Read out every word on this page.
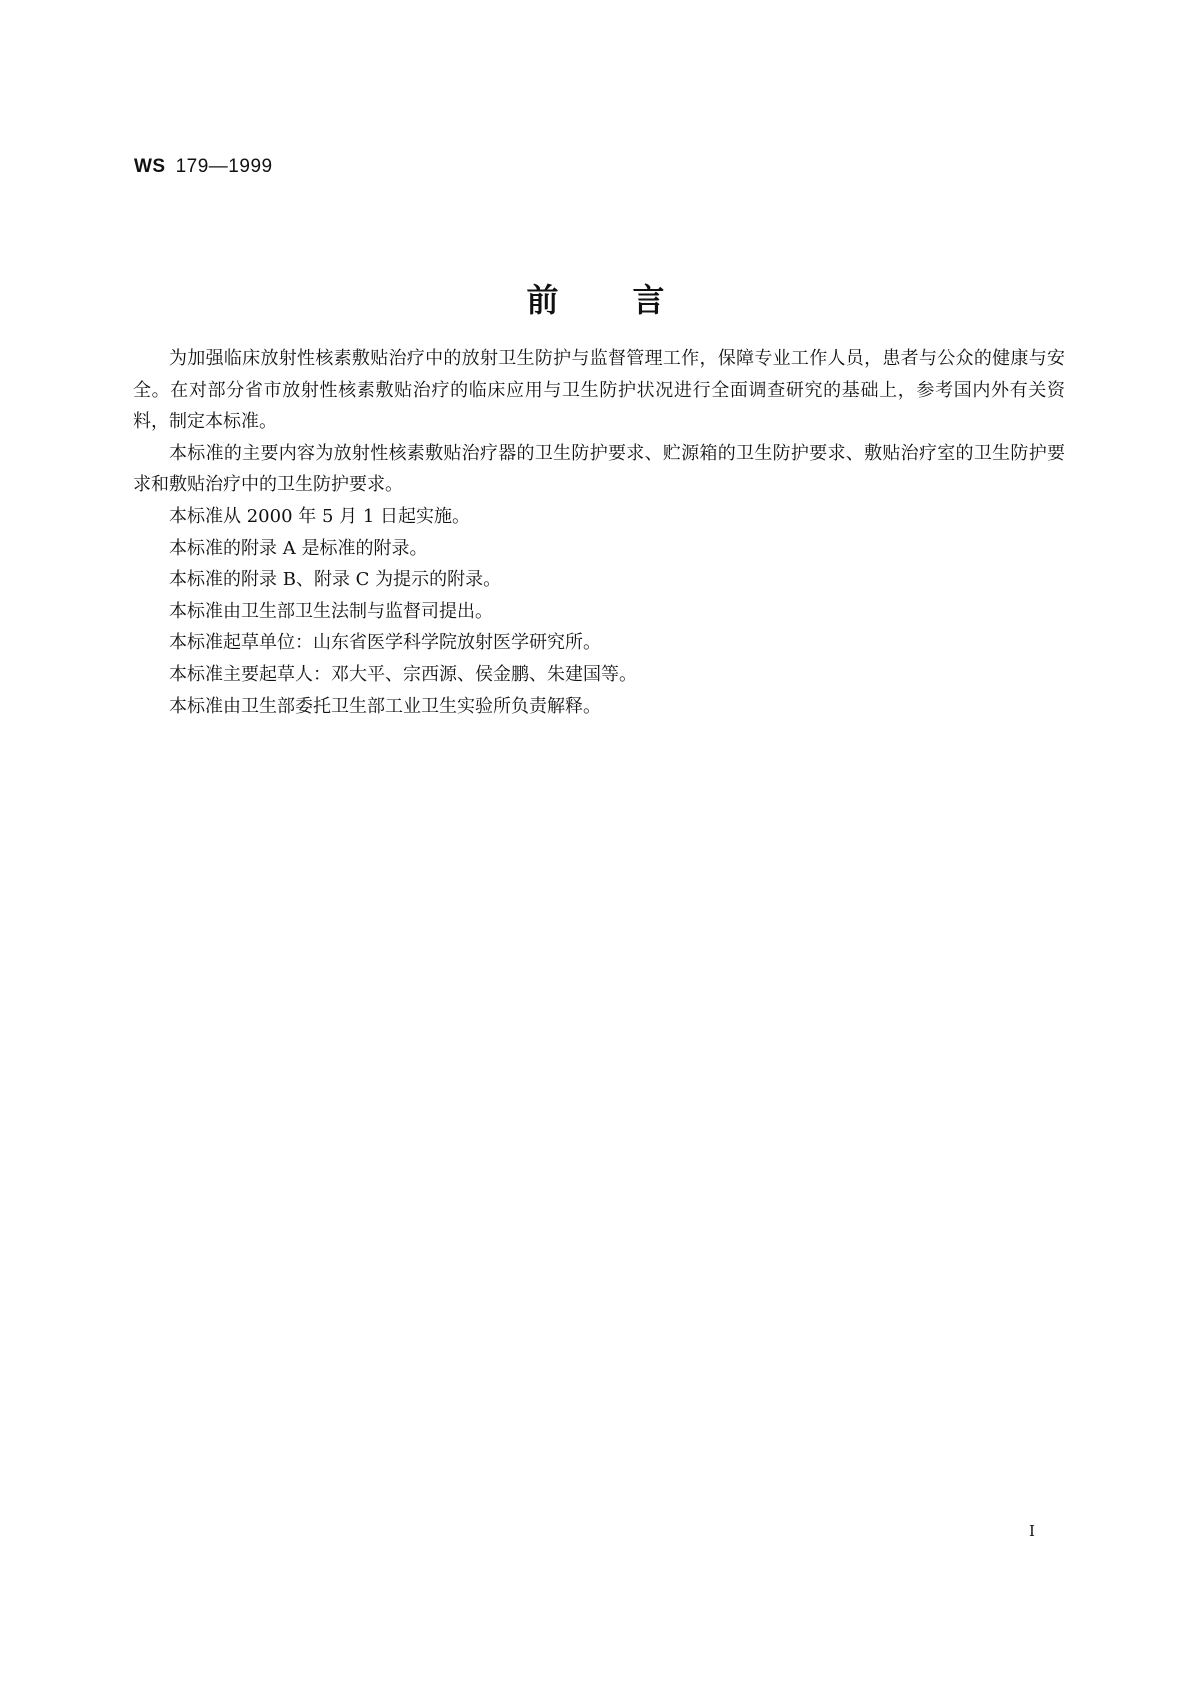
WS 179—1999
前言

为加强临床放射性核素敷贴治疗中的放射卫生防护与监督管理工作，保障专业工作人员，患者与公众的健康与安全。在对部分省市放射性核素敷贴治疗的临床应用与卫生防护状况进行全面调查研究的基础上，参考国内外有关资料，制定本标准。

本标准的主要内容为放射性核素敷贴治疗器的卫生防护要求、贮源箱的卫生防护要求、敷贴治疗室的卫生防护要求和敷贴治疗中的卫生防护要求。

本标准从 2000 年 5 月 1 日起实施。

本标准的附录 A 是标准的附录。

本标准的附录 B、附录 C 为提示的附录。

本标准由卫生部卫生法制与监督司提出。

本标准起草单位：山东省医学科学院放射医学研究所。

本标准主要起草人：邓大平、宗西源、侯金鹏、朱建国等。

本标准由卫生部委托卫生部工业卫生实验所负责解释。

I
